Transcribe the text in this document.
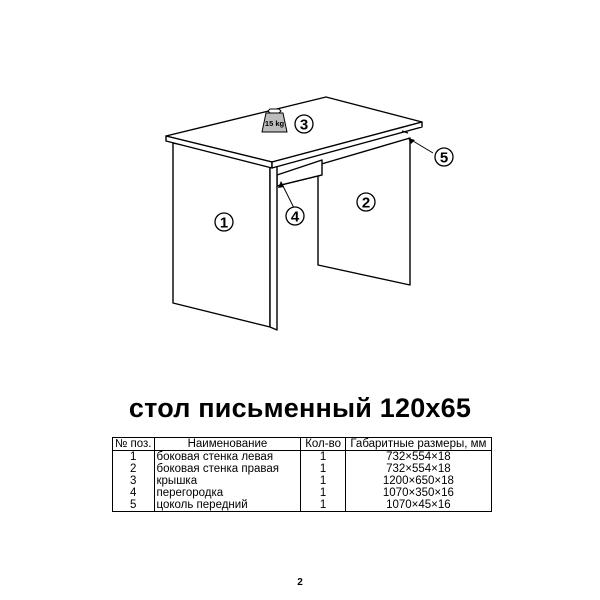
15 kg
1
2
3
4
5
стол письменный 120х65
№ поз.	Наименование	Кол-во	Габаритные размеры, мм
1	боковая стенка левая	1	732×554×18
2	боковая стенка правая	1	732×554×18
3	крышка	1	1200×650×18
4	перегородка	1	1070×350×16
5	цоколь передний	1	1070×45×16
2
